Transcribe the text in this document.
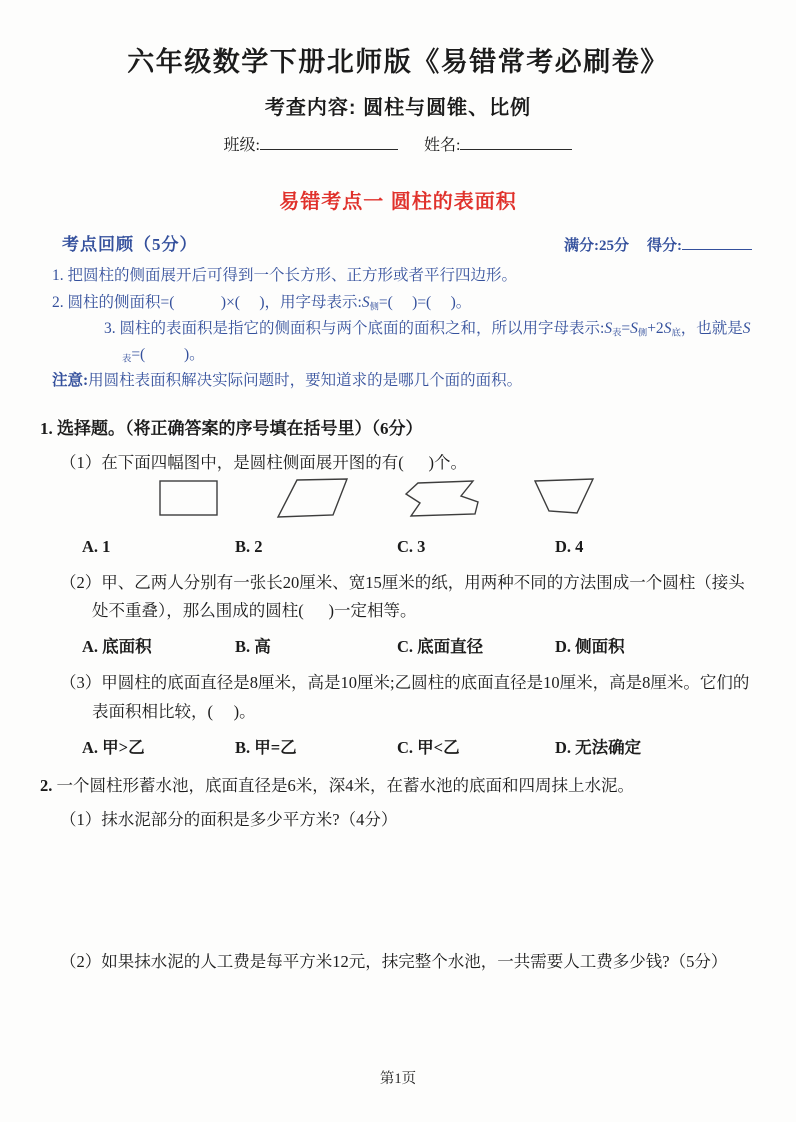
六年级数学下册北师版《易错常考必刷卷》
考查内容: 圆柱与圆锥、比例
班级:	姓名:
易错考点一 圆柱的表面积
考点回顾（5分）	满分:25分 得分:

1. 把圆柱的侧面展开后可得到一个长方形、正方形或者平行四边形。

2. 圆柱的侧面积=(            )×(     )，用字母表示:S侧=(     )=(     )。

3. 圆柱的表面积是指它的侧面积与两个底面的面积之和，所以用字母表示:S表=S侧+2S底，也就是S表=(          )。

注意:用圆柱表面积解决实际问题时，要知道求的是哪几个面的面积。

1. 选择题。（将正确答案的序号填在括号里）（6分）
（1）在下面四幅图中，是圆柱侧面展开图的有(      )个。
A. 1	B. 2	C. 3	D. 4
（2）甲、乙两人分别有一张长20厘米、宽15厘米的纸，用两种不同的方法围成一个圆柱（接头处不重叠），那么围成的圆柱(      )一定相等。
A. 底面积	B. 高	C. 底面直径	D. 侧面积
（3）甲圆柱的底面直径是8厘米，高是10厘米;乙圆柱的底面直径是10厘米，高是8厘米。它们的表面积相比较，(     )。
A. 甲>乙	B. 甲=乙	C. 甲<乙	D. 无法确定
2. 一个圆柱形蓄水池，底面直径是6米，深4米，在蓄水池的底面和四周抹上水泥。
（1）抹水泥部分的面积是多少平方米?（4分）
（2）如果抹水泥的人工费是每平方米12元，抹完整个水池，一共需要人工费多少钱?（5分）
第1页
